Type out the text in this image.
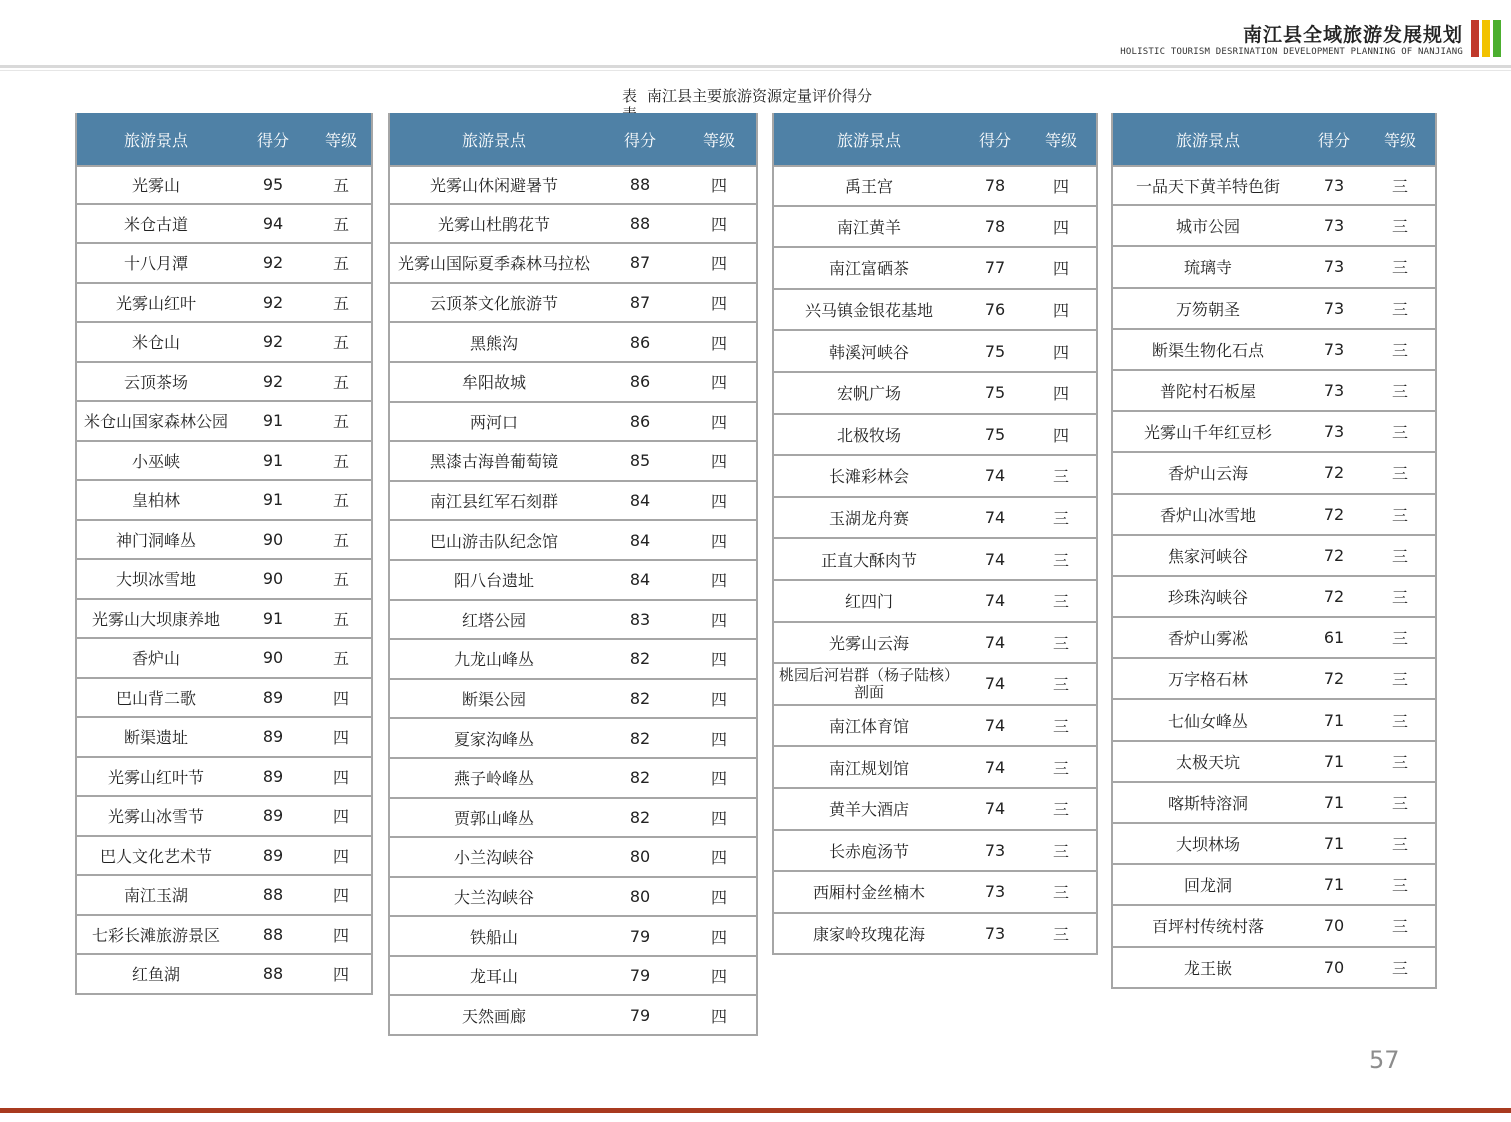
南江县全域旅游发展规划
HOLISTIC TOURISM DESRINATION DEVELOPMENT PLANNING OF NANJIANG
表 南江县主要旅游资源定量评价得分
旅游景点	得分	等级
光雾山	95	五
米仓古道	94	五
十八月潭	92	五
光雾山红叶	92	五
米仓山	92	五
云顶茶场	92	五
米仓山国家森林公园	91	五
小巫峡	91	五
皇柏林	91	五
神门洞峰丛	90	五
大坝冰雪地	90	五
光雾山大坝康养地	91	五
香炉山	90	五
巴山背二歌	89	四
断渠遗址	89	四
光雾山红叶节	89	四
光雾山冰雪节	89	四
巴人文化艺术节	89	四
南江玉湖	88	四
七彩长滩旅游景区	88	四
红鱼湖	88	四
旅游景点	得分	等级
光雾山休闲避暑节	88	四
光雾山杜鹃花节	88	四
光雾山国际夏季森林马拉松	87	四
云顶茶文化旅游节	87	四
黑熊沟	86	四
牟阳故城	86	四
两河口	86	四
黑漆古海兽葡萄镜	85	四
南江县红军石刻群	84	四
巴山游击队纪念馆	84	四
阳八台遗址	84	四
红塔公园	83	四
九龙山峰丛	82	四
断渠公园	82	四
夏家沟峰丛	82	四
燕子岭峰丛	82	四
贾郭山峰丛	82	四
小兰沟峡谷	80	四
大兰沟峡谷	80	四
铁船山	79	四
龙耳山	79	四
天然画廊	79	四
旅游景点	得分	等级
禹王宫	78	四
南江黄羊	78	四
南江富硒茶	77	四
兴马镇金银花基地	76	四
韩溪河峡谷	75	四
宏帆广场	75	四
北极牧场	75	四
长滩彩林会	74	三
玉湖龙舟赛	74	三
正直大酥肉节	74	三
红四门	74	三
光雾山云海	74	三
桃园后河岩群（杨子陆核）剖面	74	三
南江体育馆	74	三
南江规划馆	74	三
黄羊大酒店	74	三
长赤庖汤节	73	三
西厢村金丝楠木	73	三
康家岭玫瑰花海	73	三
旅游景点	得分	等级
一品天下黄羊特色街	73	三
城市公园	73	三
琉璃寺	73	三
万笏朝圣	73	三
断渠生物化石点	73	三
普陀村石板屋	73	三
光雾山千年红豆杉	73	三
香炉山云海	72	三
香炉山冰雪地	72	三
焦家河峡谷	72	三
珍珠沟峡谷	72	三
香炉山雾凇	61	三
万字格石林	72	三
七仙女峰丛	71	三
太极天坑	71	三
喀斯特溶洞	71	三
大坝林场	71	三
回龙洞	71	三
百坪村传统村落	70	三
龙王嵌	70	三
57
